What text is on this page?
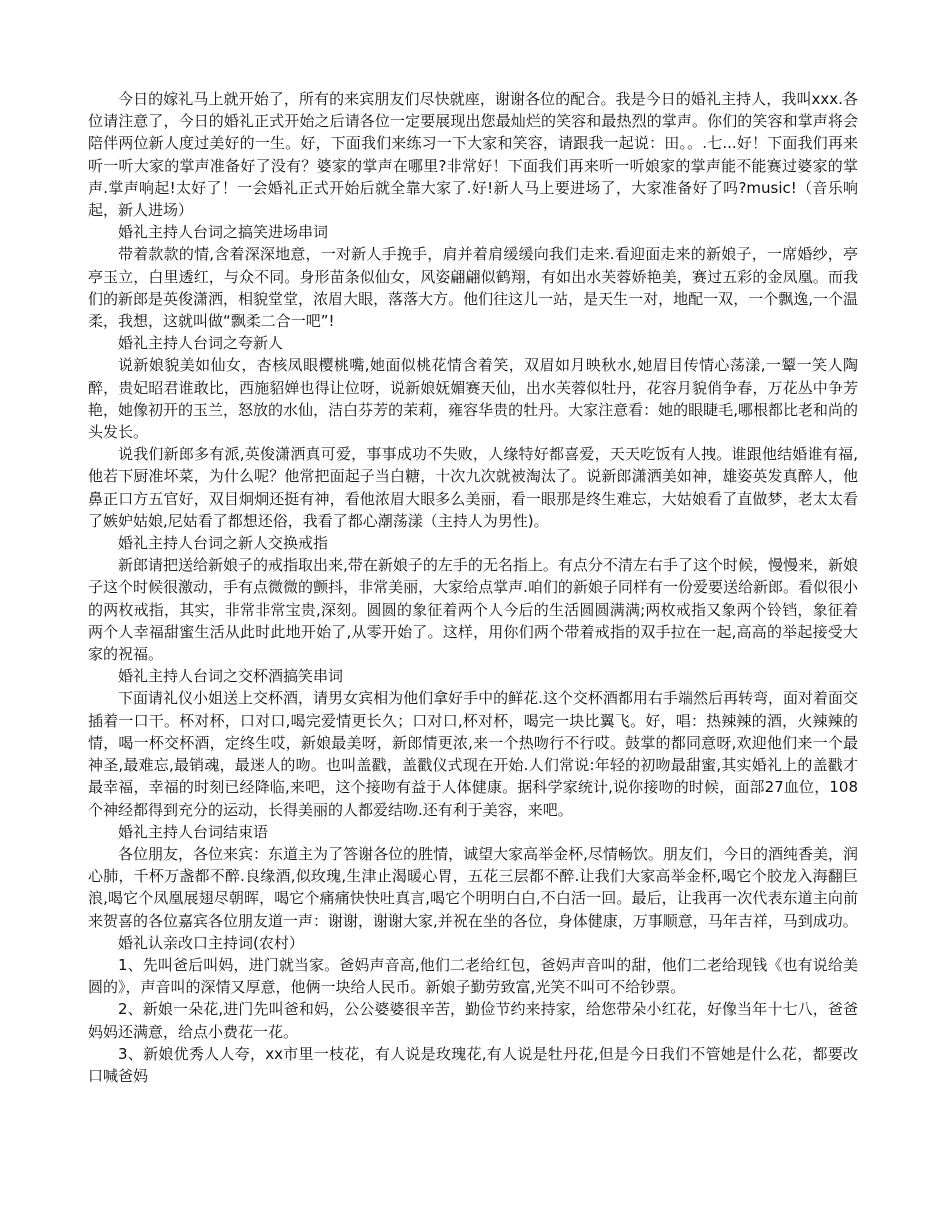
今日的嫁礼马上就开始了，所有的来宾朋友们尽快就座，谢谢各位的配合。我是今日的婚礼主持人，我叫xxx.各位请注意了，今日的婚礼正式开始之后请各位一定要展现出您最灿烂的笑容和最热烈的掌声。你们的笑容和掌声将会陪伴两位新人度过美好的一生。好，下面我们来练习一下大家和笑容，请跟我一起说：田。。.七...好！下面我们再来听一听大家的掌声准备好了没有？婆家的掌声在哪里?非常好！下面我们再来听一听娘家的掌声能不能赛过婆家的掌声.掌声响起!太好了！一会婚礼正式开始后就全靠大家了.好!新人马上要进场了，大家准备好了吗?music!（音乐响起，新人进场）

婚礼主持人台词之搞笑进场串词

带着款款的情,含着深深地意，一对新人手挽手，肩并着肩缓缓向我们走来.看迎面走来的新娘子，一席婚纱，亭亭玉立，白里透红，与众不同。身形苗条似仙女，风姿翩翩似鹤翔，有如出水芙蓉娇艳美，赛过五彩的金凤凰。而我们的新郎是英俊潇洒，相貌堂堂，浓眉大眼，落落大方。他们往这儿一站，是天生一对，地配一双，一个飘逸,一个温柔，我想，这就叫做“飘柔二合一吧”!

婚礼主持人台词之夸新人

说新娘貌美如仙女，杏核凤眼樱桃嘴,她面似桃花情含着笑，双眉如月映秋水,她眉目传情心荡漾,一颦一笑人陶醉，贵妃昭君谁敢比，西施貂婵也得让位呀，说新娘妩媚赛天仙，出水芙蓉似牡丹，花容月貌俏争春，万花丛中争芳艳，她像初开的玉兰，怒放的水仙，洁白芬芳的茉莉，雍容华贵的牡丹。大家注意看：她的眼睫毛,哪根都比老和尚的头发长。

说我们新郎多有派,英俊潇洒真可爱，事事成功不失败，人缘特好都喜爱，天天吃饭有人拽。谁跟他结婚谁有福,他若下厨准坏菜，为什么呢？他常把面起子当白糖，十次九次就被淘汰了。说新郎潇洒美如神，雄姿英发真醉人，他鼻正口方五官好，双目炯炯还挺有神，看他浓眉大眼多么美丽，看一眼那是终生难忘，大姑娘看了直做梦，老太太看了嫉妒姑娘,尼姑看了都想还俗，我看了都心潮荡漾（主持人为男性)。

婚礼主持人台词之新人交换戒指

新郎请把送给新娘子的戒指取出来,带在新娘子的左手的无名指上。有点分不清左右手了这个时候，慢慢来，新娘子这个时候很激动，手有点微微的颤抖，非常美丽，大家给点掌声.咱们的新娘子同样有一份爱要送给新郎。看似很小的两枚戒指，其实，非常非常宝贵,深刻。圆圆的象征着两个人今后的生活圆圆满满;两枚戒指又象两个铃铛，象征着两个人幸福甜蜜生活从此时此地开始了,从零开始了。这样，用你们两个带着戒指的双手拉在一起,高高的举起接受大家的祝福。

婚礼主持人台词之交杯酒搞笑串词

下面请礼仪小姐送上交杯酒，请男女宾相为他们拿好手中的鲜花.这个交杯酒都用右手端然后再转弯，面对着面交插着一口干。杯对杯，口对口,喝完爱情更长久；口对口,杯对杯，喝完一块比翼飞。好，唱：热辣辣的酒，火辣辣的情，喝一杯交杯酒，定终生哎，新娘最美呀，新郎情更浓,来一个热吻行不行哎。鼓掌的都同意呀,欢迎他们来一个最神圣,最难忘,最销魂，最迷人的吻。也叫盖戳，盖戳仪式现在开始.人们常说:年轻的初吻最甜蜜,其实婚礼上的盖戳才最幸福，幸福的时刻已经降临,来吧，这个接吻有益于人体健康。据科学家统计,说你接吻的时候，面部27血位，108个神经都得到充分的运动，长得美丽的人都爱结吻.还有利于美容，来吧。

婚礼主持人台词结束语

各位朋友，各位来宾：东道主为了答谢各位的胜情，诚望大家高举金杯,尽情畅饮。朋友们，今日的酒纯香美，润心肺，千杯万盏都不醉.良缘酒,似玫瑰,生津止渴暖心胃，五花三层都不醉.让我们大家高举金杯,喝它个胶龙入海翻巨浪,喝它个凤凰展翅尽朝晖，喝它个痛痛快快吐真言,喝它个明明白白,不白活一回。最后，让我再一次代表东道主向前来贺喜的各位嘉宾各位朋友道一声：谢谢，谢谢大家,并祝在坐的各位，身体健康，万事顺意，马年吉祥，马到成功。

婚礼认亲改口主持词(农村）

1、先叫爸后叫妈，进门就当家。爸妈声音高,他们二老给红包，爸妈声音叫的甜，他们二老给现钱《也有说给美圆的》，声音叫的深情又厚意，他俩一块给人民币。新娘子勤劳致富,光笑不叫可不给钞票。

2、新娘一朵花,进门先叫爸和妈，公公婆婆很辛苦，勤俭节约来持家，给您带朵小红花，好像当年十七八，爸爸妈妈还满意，给点小费花一花。

3、新娘优秀人人夸，xx市里一枝花，有人说是玫瑰花,有人说是牡丹花,但是今日我们不管她是什么花，都要改口喊爸妈
